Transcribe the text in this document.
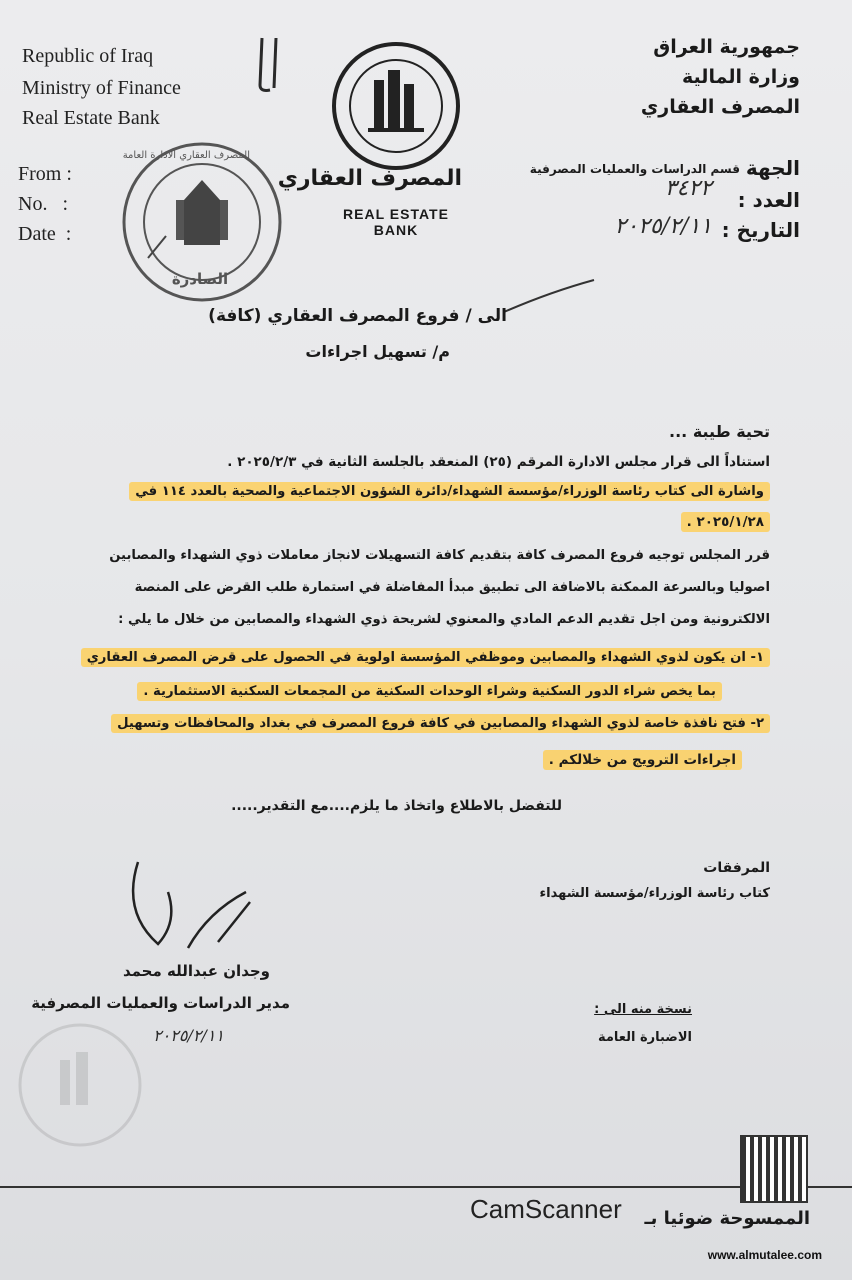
Republic of Iraq
Ministry of Finance
Real Estate Bank
From :
No.   :
Date  :
جمهورية العراق
وزارة المالية
المصرف العقاري
المصرف العقاري
REAL ESTATE BANK
المصرف العقاري الادارة العامة
الصادرة
الجهة
قسم الدراسات والعمليات المصرفية
العدد :
٣٤٢٢
التاريخ :
٢٠٢٥/٢/١١
الى / فروع المصرف العقاري (كافة)
م/ تسهيل اجراءات
تحية طيبة ...
استناداً الى قرار مجلس الادارة المرقم (٢٥) المنعقد بالجلسة الثانية في ٢٠٢٥/٢/٣ .
واشارة الى كتاب رئاسة الوزراء/مؤسسة الشهداء/دائرة الشؤون الاجتماعية والصحية بالعدد ١١٤ في
٢٠٢٥/١/٢٨ .
قرر المجلس توجيه فروع المصرف كافة بتقديم كافة التسهيلات لانجاز معاملات ذوي الشهداء والمصابين
اصوليا وبالسرعة الممكنة بالاضافة الى تطبيق مبدأ المفاضلة في استمارة طلب القرض على المنصة
الالكترونية ومن اجل تقديم الدعم المادي والمعنوي لشريحة ذوي الشهداء والمصابين من خلال ما يلي :
١- ان يكون لذوي الشهداء والمصابين وموظفي المؤسسة اولوية في الحصول على قرض المصرف العقاري
بما يخص شراء الدور السكنية وشراء الوحدات السكنية من المجمعات السكنية الاستثمارية .
٢- فتح نافذة خاصة لذوي الشهداء والمصابين في كافة فروع المصرف في بغداد والمحافظات وتسهيل
اجراءات الترويج من خلالكم .
للتفضل بالاطلاع واتخاذ ما يلزم....مع التقدير.....
المرفقات
كتاب رئاسة الوزراء/مؤسسة الشهداء
وجدان عبدالله محمد
مدير الدراسات والعمليات المصرفية
٢٠٢٥/٢/١١
نسخة منه الى :
الاضبارة العامة
CamScanner الممسوحة ضوئيا بـ
www.almutalee.com
